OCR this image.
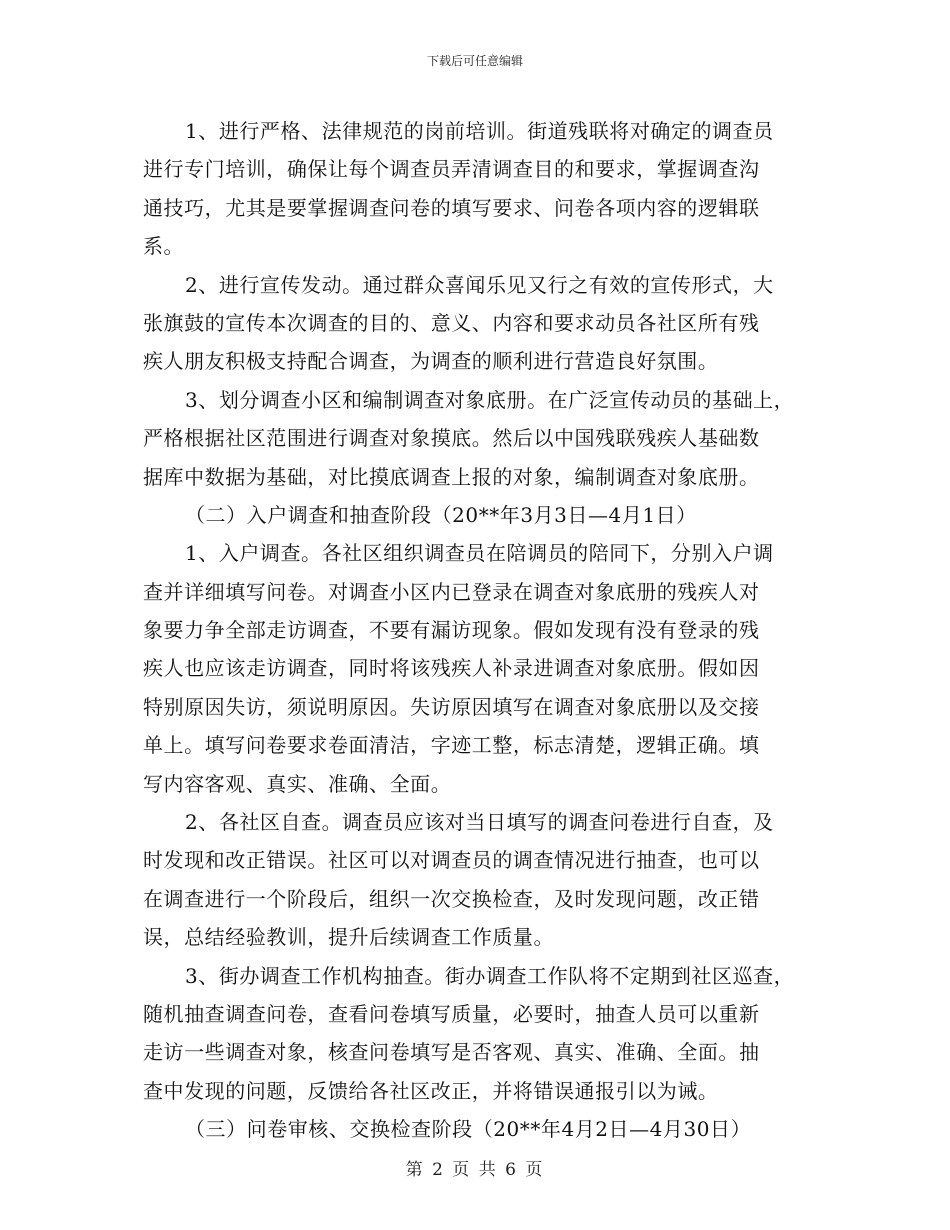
下载后可任意编辑
1、进行严格、法律规范的岗前培训。街道残联将对确定的调查员
进行专门培训，确保让每个调查员弄清调查目的和要求，掌握调查沟
通技巧，尤其是要掌握调查问卷的填写要求、问卷各项内容的逻辑联
系。
2、进行宣传发动。通过群众喜闻乐见又行之有效的宣传形式，大
张旗鼓的宣传本次调查的目的、意义、内容和要求动员各社区所有残
疾人朋友积极支持配合调查，为调查的顺利进行营造良好氛围。
3、划分调查小区和编制调查对象底册。在广泛宣传动员的基础上，
严格根据社区范围进行调查对象摸底。然后以中国残联残疾人基础数
据库中数据为基础，对比摸底调查上报的对象，编制调查对象底册。
（二）入户调查和抽查阶段（20**年3月3日—4月1日）
1、入户调查。各社区组织调查员在陪调员的陪同下，分别入户调
查并详细填写问卷。对调查小区内已登录在调查对象底册的残疾人对
象要力争全部走访调查，不要有漏访现象。假如发现有没有登录的残
疾人也应该走访调查，同时将该残疾人补录进调查对象底册。假如因
特别原因失访，须说明原因。失访原因填写在调查对象底册以及交接
单上。填写问卷要求卷面清洁，字迹工整，标志清楚，逻辑正确。填
写内容客观、真实、准确、全面。
2、各社区自查。调查员应该对当日填写的调查问卷进行自查，及
时发现和改正错误。社区可以对调查员的调查情况进行抽查，也可以
在调查进行一个阶段后，组织一次交换检查，及时发现问题，改正错
误，总结经验教训，提升后续调查工作质量。
3、街办调查工作机构抽查。街办调查工作队将不定期到社区巡查，
随机抽查调查问卷，查看问卷填写质量，必要时，抽查人员可以重新
走访一些调查对象，核查问卷填写是否客观、真实、准确、全面。抽
查中发现的问题，反馈给各社区改正，并将错误通报引以为诫。
（三）问卷审核、交换检查阶段（20**年4月2日—4月30日）
第 2 页 共 6 页
